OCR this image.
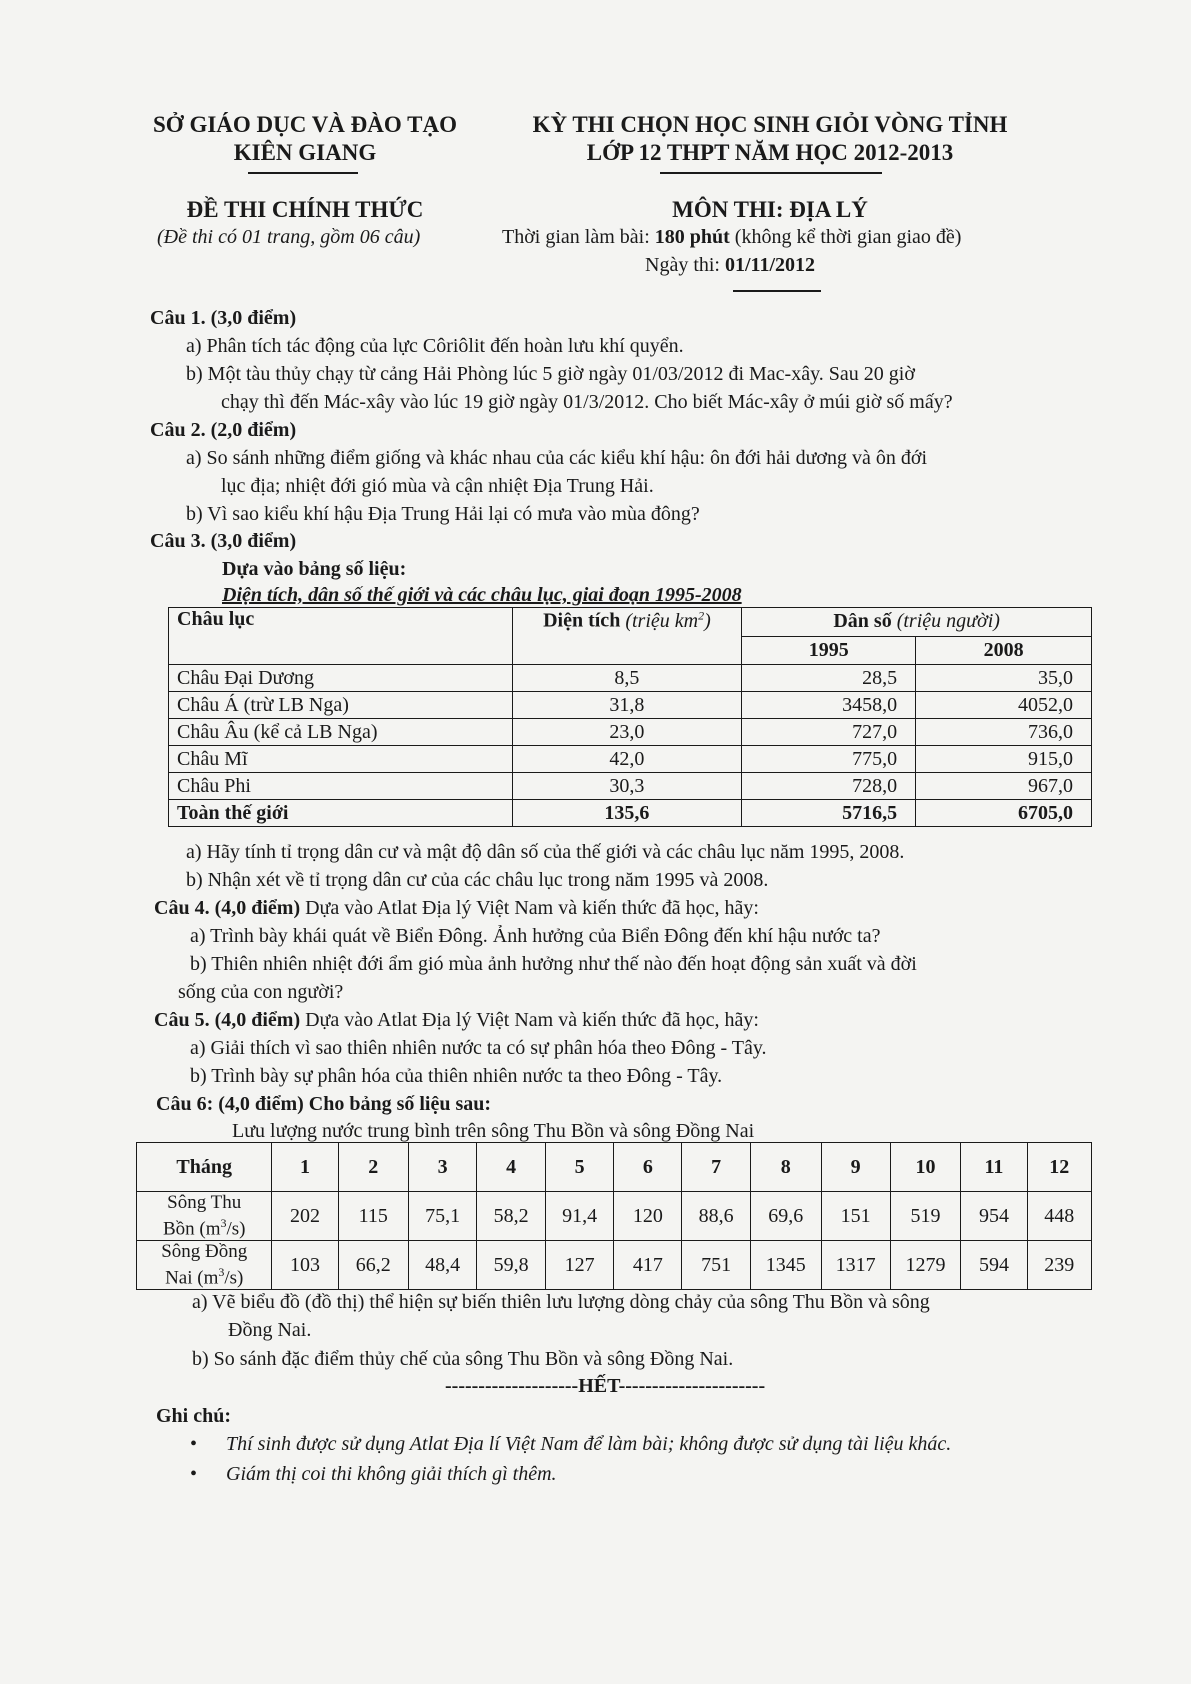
SỞ GIÁO DỤC VÀ ĐÀO TẠO
KIÊN GIANG
KỲ THI CHỌN HỌC SINH GIỎI VÒNG TỈNH
LỚP 12 THPT NĂM HỌC 2012-2013
ĐỀ THI CHÍNH THỨC
(Đề thi có 01 trang, gồm 06 câu)
MÔN THI: ĐỊA LÝ
Thời gian làm bài: 180 phút (không kể thời gian giao đề)
Ngày thi: 01/11/2012
Câu 1. (3,0 điểm)
a) Phân tích tác động của lực Côriôlit đến hoàn lưu khí quyển.
b) Một tàu thủy chạy từ cảng Hải Phòng lúc 5 giờ ngày 01/03/2012 đi Mac-xây. Sau 20 giờ
chạy thì đến Mác-xây vào lúc 19 giờ ngày 01/3/2012. Cho biết Mác-xây ở múi giờ số mấy?
Câu 2. (2,0 điểm)
a) So sánh những điểm giống và khác nhau của các kiểu khí hậu: ôn đới hải dương và ôn đới
lục địa; nhiệt đới gió mùa và cận nhiệt Địa Trung Hải.
b) Vì sao kiểu khí hậu Địa Trung Hải lại có mưa vào mùa đông?
Câu 3. (3,0 điểm)
Dựa vào bảng số liệu:
Diện tích, dân số thế giới và các châu lục, giai đoạn 1995-2008
Châu lục	Diện tích (triệu $km^2$)	Dân số (triệu người)	
		1995	2008
Châu Đại Dương	8,5	28,5	35,0
Châu Á (trừ LB Nga)	31,8	3458,0	4052,0
Châu Âu (kể cả LB Nga)	23,0	727,0	736,0
Châu Mĩ	42,0	775,0	915,0
Châu Phi	30,3	728,0	967,0
Toàn thế giới	135,6	5716,5	6705,0
a) Hãy tính tỉ trọng dân cư và mật độ dân số của thế giới và các châu lục năm 1995, 2008.
b) Nhận xét về tỉ trọng dân cư của các châu lục trong năm 1995 và 2008.
Câu 4. (4,0 điểm) Dựa vào Atlat Địa lý Việt Nam và kiến thức đã học, hãy:
a) Trình bày khái quát về Biển Đông. Ảnh hưởng của Biển Đông đến khí hậu nước ta?
b) Thiên nhiên nhiệt đới ẩm gió mùa ảnh hưởng như thế nào đến hoạt động sản xuất và đời
sống của con người?
Câu 5. (4,0 điểm) Dựa vào Atlat Địa lý Việt Nam và kiến thức đã học, hãy:
a) Giải thích vì sao thiên nhiên nước ta có sự phân hóa theo Đông - Tây.
b) Trình bày sự phân hóa của thiên nhiên nước ta theo Đông - Tây.
Câu 6: (4,0 điểm) Cho bảng số liệu sau:
Lưu lượng nước trung bình trên sông Thu Bồn và sông Đồng Nai
Tháng	1	2	3	4	5	6	7	8	9	10	11	12
Sông Thu
Bồn $(m^3/s)$	202	115	75,1	58,2	91,4	120	88,6	69,6	151	519	954	448
Sông Đồng
Nai $(m^3/s)$	103	66,2	48,4	59,8	127	417	751	1345	1317	1279	594	239
a) Vẽ biểu đồ (đồ thị) thể hiện sự biến thiên lưu lượng dòng chảy của sông Thu Bồn và sông
Đồng Nai.
b) So sánh đặc điểm thủy chế của sông Thu Bồn và sông Đồng Nai.
--------------------HẾT----------------------
Ghi chú:
• Thí sinh được sử dụng Atlat Địa lí Việt Nam để làm bài; không được sử dụng tài liệu khác.
• Giám thị coi thi không giải thích gì thêm.
